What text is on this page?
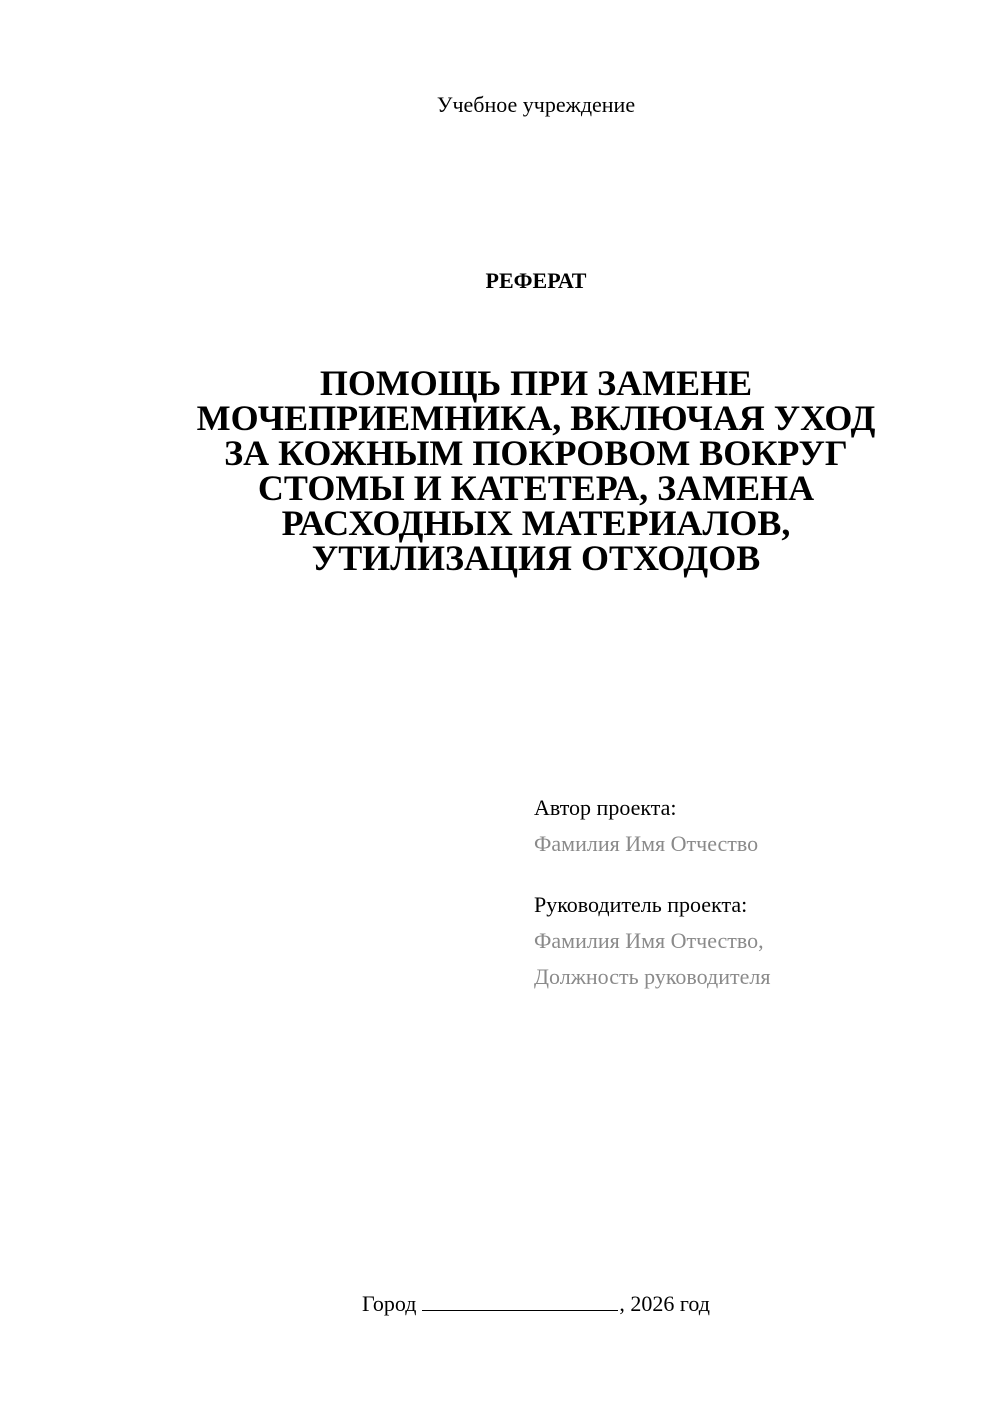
Учебное учреждение
РЕФЕРАТ
ПОМОЩЬ ПРИ ЗАМЕНЕ
МОЧЕПРИЕМНИКА, ВКЛЮЧАЯ УХОД
ЗА КОЖНЫМ ПОКРОВОМ ВОКРУГ
СТОМЫ И КАТЕТЕРА, ЗАМЕНА
РАСХОДНЫХ МАТЕРИАЛОВ,
УТИЛИЗАЦИЯ ОТХОДОВ
Автор проекта:
Фамилия Имя Отчество
Руководитель проекта:
Фамилия Имя Отчество,
Должность руководителя
Город	, 2026 год
